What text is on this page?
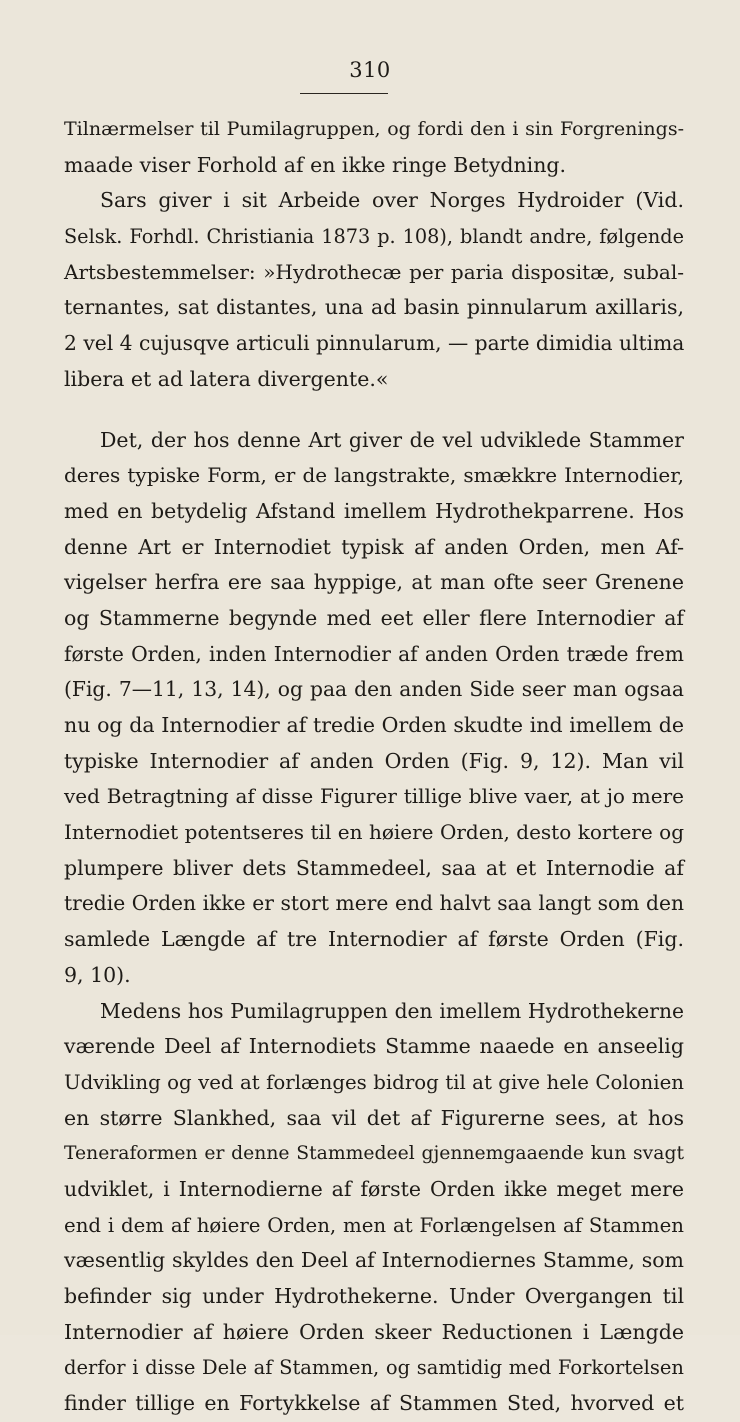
310
Tilnærmelser til Pumilagruppen, og fordi den i sin Forgrenings-
maade viser Forhold af en ikke ringe Betydning.
Sars giver i sit Arbeide over Norges Hydroider (Vid.
Selsk. Forhdl. Christiania 1873 p. 108), blandt andre, følgende
Artsbestemmelser: »Hydrothecæ per paria dispositæ, subal-
ternantes, sat distantes, una ad basin pinnularum axillaris,
2 vel 4 cujusqve articuli pinnularum, — parte dimidia ultima
libera et ad latera divergente.«
Det, der hos denne Art giver de vel udviklede Stammer
deres typiske Form, er de langstrakte, smækkre Internodier,
med en betydelig Afstand imellem Hydrothekparrene. Hos
denne Art er Internodiet typisk af anden Orden, men Af-
vigelser herfra ere saa hyppige, at man ofte seer Grenene
og Stammerne begynde med eet eller flere Internodier af
første Orden, inden Internodier af anden Orden træde frem
(Fig. 7—11, 13, 14), og paa den anden Side seer man ogsaa
nu og da Internodier af tredie Orden skudte ind imellem de
typiske Internodier af anden Orden (Fig. 9, 12). Man vil
ved Betragtning af disse Figurer tillige blive vaer, at jo mere
Internodiet potentseres til en høiere Orden, desto kortere og
plumpere bliver dets Stammedeel, saa at et Internodie af
tredie Orden ikke er stort mere end halvt saa langt som den
samlede Længde af tre Internodier af første Orden (Fig.
9, 10).
Medens hos Pumilagruppen den imellem Hydrothekerne
værende Deel af Internodiets Stamme naaede en anseelig
Udvikling og ved at forlænges bidrog til at give hele Colonien
en større Slankhed, saa vil det af Figurerne sees, at hos
Teneraformen er denne Stammedeel gjennemgaaende kun svagt
udviklet, i Internodierne af første Orden ikke meget mere
end i dem af høiere Orden, men at Forlængelsen af Stammen
væsentlig skyldes den Deel af Internodiernes Stamme, som
befinder sig under Hydrothekerne. Under Overgangen til
Internodier af høiere Orden skeer Reductionen i Længde
derfor i disse Dele af Stammen, og samtidig med Forkortelsen
finder tillige en Fortykkelse af Stammen Sted, hvorved et
